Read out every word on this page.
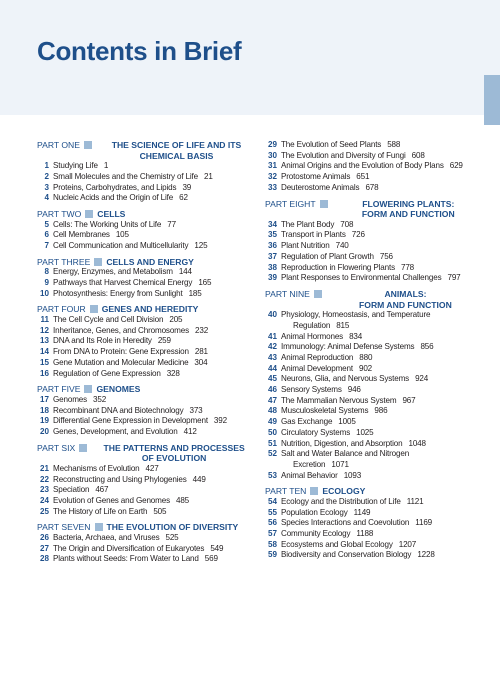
Contents in Brief
PART ONE	THE SCIENCE OF LIFE AND ITS
CHEMICAL BASIS
1 Studying Life 1
2 Small Molecules and the Chemistry of Life 21
3 Proteins, Carbohydrates, and Lipids 39
4 Nucleic Acids and the Origin of Life 62
PART TWO CELLS
5 Cells: The Working Units of Life 77
6 Cell Membranes 105
7 Cell Communication and Multicellularity 125
PART THREE CELLS AND ENERGY
8 Energy, Enzymes, and Metabolism 144
9 Pathways that Harvest Chemical Energy 165
10 Photosynthesis: Energy from Sunlight 185
PART FOUR GENES AND HEREDITY
11 The Cell Cycle and Cell Division 205
12 Inheritance, Genes, and Chromosomes 232
13 DNA and Its Role in Heredity 259
14 From DNA to Protein: Gene Expression 281
15 Gene Mutation and Molecular Medicine 304
16 Regulation of Gene Expression 328
PART FIVE GENOMES
17 Genomes 352
18 Recombinant DNA and Biotechnology 373
19 Differential Gene Expression in Development 392
20 Genes, Development, and Evolution 412
PART SIX	THE PATTERNS AND PROCESSES
OF EVOLUTION
21 Mechanisms of Evolution 427
22 Reconstructing and Using Phylogenies 449
23 Speciation 467
24 Evolution of Genes and Genomes 485
25 The History of Life on Earth 505
PART SEVEN THE EVOLUTION OF DIVERSITY
26 Bacteria, Archaea, and Viruses 525
27 The Origin and Diversification of Eukaryotes 549
28 Plants without Seeds: From Water to Land 569
29 The Evolution of Seed Plants 588
30 The Evolution and Diversity of Fungi 608
31 Animal Origins and the Evolution of Body Plans 629
32 Protostome Animals 651
33 Deuterostome Animals 678
PART EIGHT	FLOWERING PLANTS:
FORM AND FUNCTION
34 The Plant Body 708
35 Transport in Plants 726
36 Plant Nutrition 740
37 Regulation of Plant Growth 756
38 Reproduction in Flowering Plants 778
39 Plant Responses to Environmental Challenges 797
PART NINE	ANIMALS:
FORM AND FUNCTION
40 Physiology, Homeostasis, and Temperature
Regulation 815
41 Animal Hormones 834
42 Immunology: Animal Defense Systems 856
43 Animal Reproduction 880
44 Animal Development 902
45 Neurons, Glia, and Nervous Systems 924
46 Sensory Systems 946
47 The Mammalian Nervous System 967
48 Musculoskeletal Systems 986
49 Gas Exchange 1005
50 Circulatory Systems 1025
51 Nutrition, Digestion, and Absorption 1048
52 Salt and Water Balance and Nitrogen
Excretion 1071
53 Animal Behavior 1093
PART TEN ECOLOGY
54 Ecology and the Distribution of Life 1121
55 Population Ecology 1149
56 Species Interactions and Coevolution 1169
57 Community Ecology 1188
58 Ecosystems and Global Ecology 1207
59 Biodiversity and Conservation Biology 1228
